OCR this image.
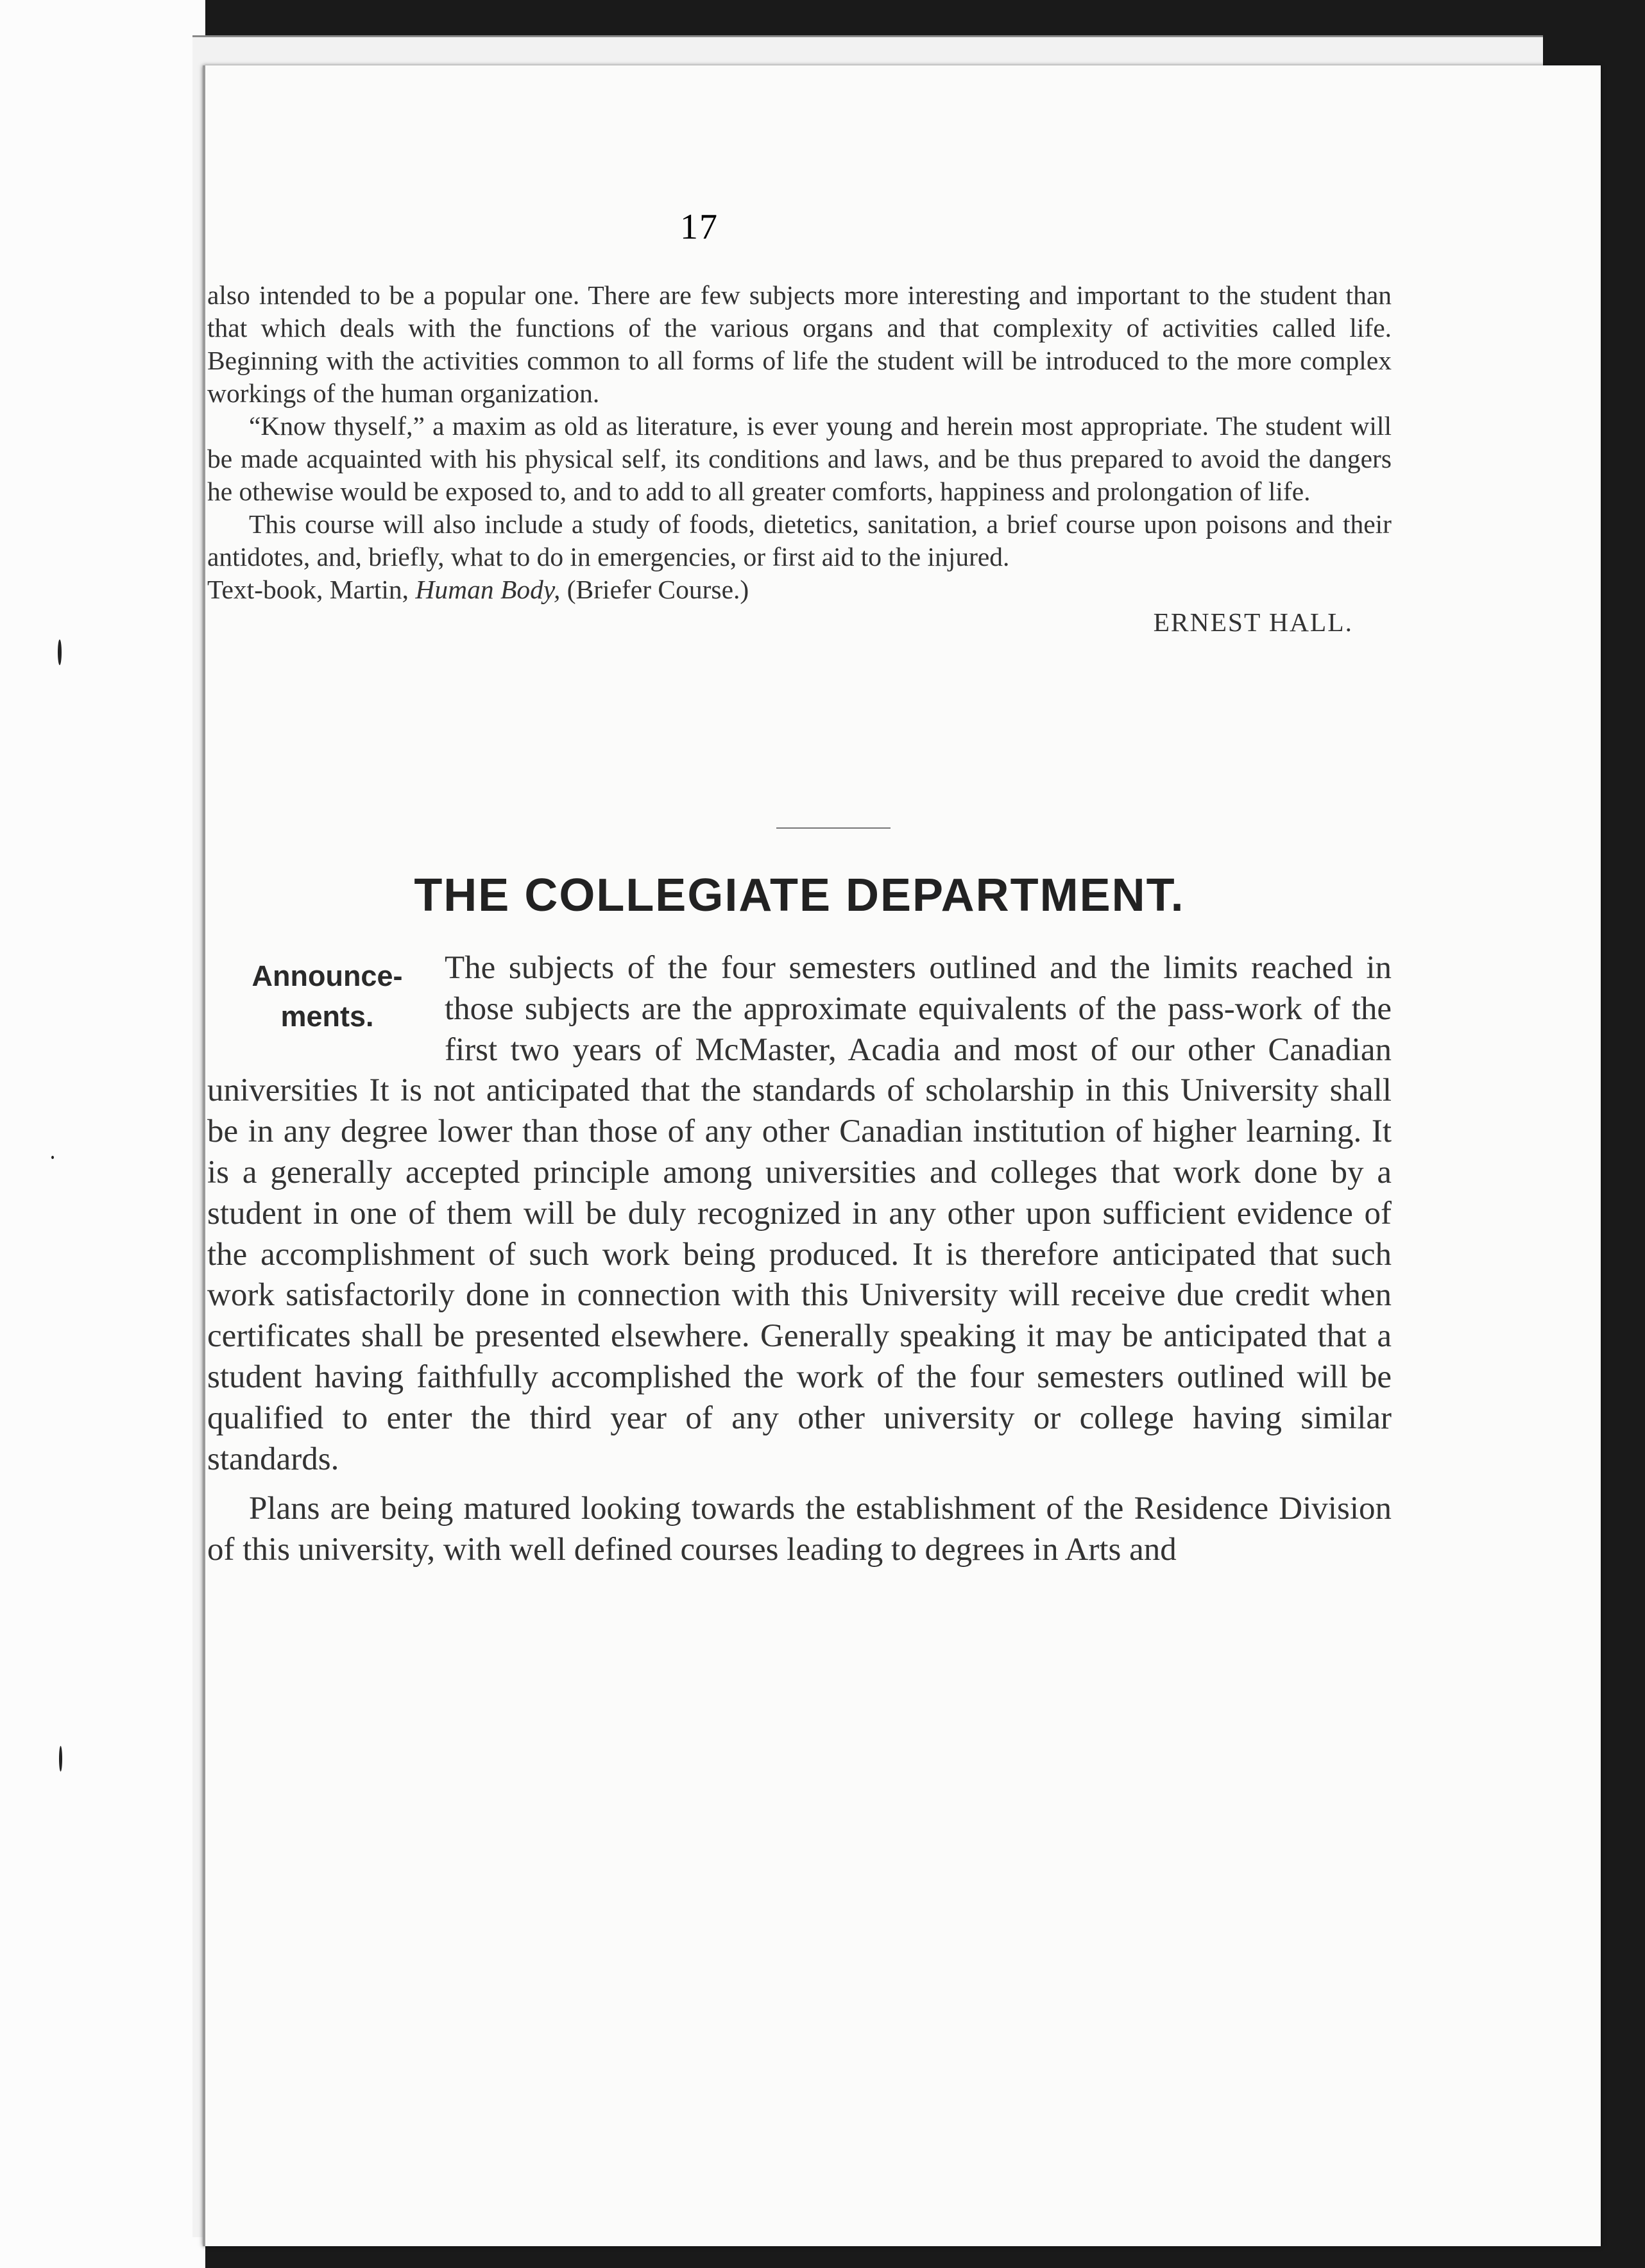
17

also intended to be a popular one. There are few subjects more interesting and important to the student than that which deals with the functions of the various organs and that complexity of activities called life. Beginning with the activities common to all forms of life the student will be introduced to the more complex workings of the human organization.

“Know thyself,” a maxim as old as literature, is ever young and herein most appropriate. The student will be made acquainted with his physical self, its conditions and laws, and be thus prepared to avoid the dangers he othewise would be exposed to, and to add to all greater comforts, happiness and prolongation of life.

This course will also include a study of foods, dietetics, sanitation, a brief course upon poisons and their antidotes, and, briefly, what to do in emergencies, or first aid to the injured.

Text-book, Martin, Human Body, (Briefer Course.)

ERNEST HALL.

THE COLLEGIATE DEPARTMENT.
Announce-
ments.

The subjects of the four semesters outlined and the limits reached in those subjects are the approximate equivalents of the pass-work of the first two years of McMaster, Acadia and most of our other Canadian universities It is not anticipated that the standards of scholarship in this University shall be in any degree lower than those of any other Canadian institution of higher learning. It is a generally accepted principle among universities and colleges that work done by a student in one of them will be duly recognized in any other upon sufficient evidence of the accomplishment of such work being produced. It is therefore anticipated that such work satisfactorily done in connection with this University will receive due credit when certificates shall be presented elsewhere. Generally speaking it may be anticipated that a student having faithfully accomplished the work of the four semesters outlined will be qualified to enter the third year of any other university or college having similar standards.

Plans are being matured looking towards the establishment of the Residence Division of this university, with well defined courses leading to degrees in Arts and
